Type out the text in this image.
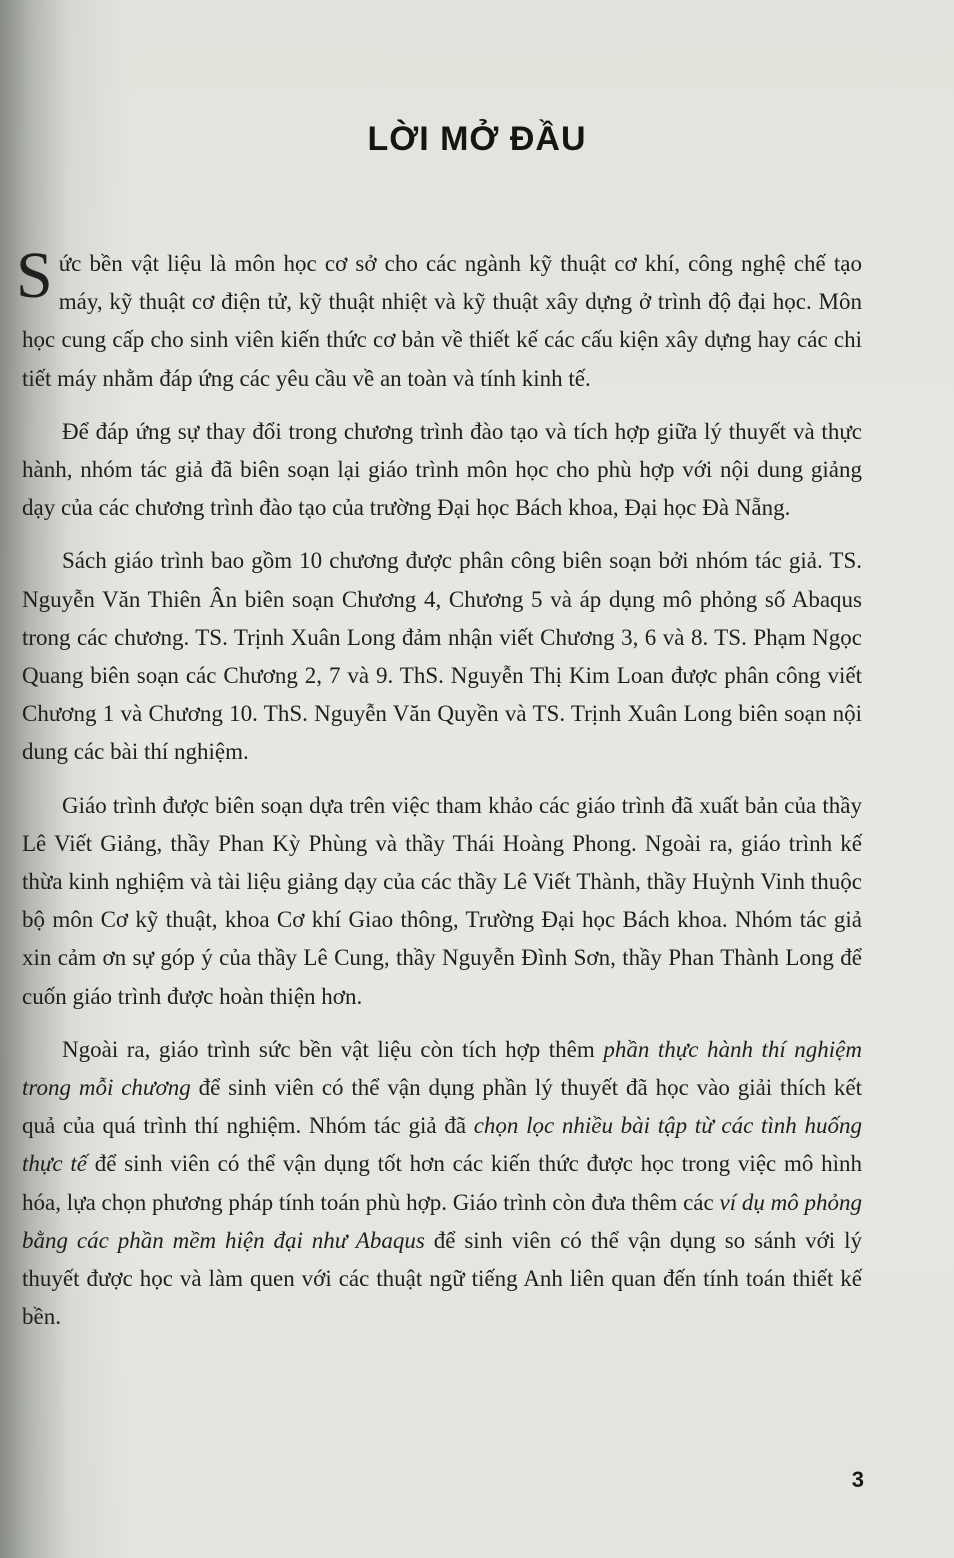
LỜI MỞ ĐẦU

Sức bền vật liệu là môn học cơ sở cho các ngành kỹ thuật cơ khí, công nghệ chế tạo máy, kỹ thuật cơ điện tử, kỹ thuật nhiệt và kỹ thuật xây dựng ở trình độ đại học. Môn học cung cấp cho sinh viên kiến thức cơ bản về thiết kế các cấu kiện xây dựng hay các chi tiết máy nhằm đáp ứng các yêu cầu về an toàn và tính kinh tế.

Để đáp ứng sự thay đổi trong chương trình đào tạo và tích hợp giữa lý thuyết và thực hành, nhóm tác giả đã biên soạn lại giáo trình môn học cho phù hợp với nội dung giảng dạy của các chương trình đào tạo của trường Đại học Bách khoa, Đại học Đà Nẵng.

Sách giáo trình bao gồm 10 chương được phân công biên soạn bởi nhóm tác giả. TS. Nguyễn Văn Thiên Ân biên soạn Chương 4, Chương 5 và áp dụng mô phỏng số Abaqus trong các chương. TS. Trịnh Xuân Long đảm nhận viết Chương 3, 6 và 8. TS. Phạm Ngọc Quang biên soạn các Chương 2, 7 và 9. ThS. Nguyễn Thị Kim Loan được phân công viết Chương 1 và Chương 10. ThS. Nguyễn Văn Quyền và TS. Trịnh Xuân Long biên soạn nội dung các bài thí nghiệm.

Giáo trình được biên soạn dựa trên việc tham khảo các giáo trình đã xuất bản của thầy Lê Viết Giảng, thầy Phan Kỳ Phùng và thầy Thái Hoàng Phong. Ngoài ra, giáo trình kế thừa kinh nghiệm và tài liệu giảng dạy của các thầy Lê Viết Thành, thầy Huỳnh Vinh thuộc bộ môn Cơ kỹ thuật, khoa Cơ khí Giao thông, Trường Đại học Bách khoa. Nhóm tác giả xin cảm ơn sự góp ý của thầy Lê Cung, thầy Nguyễn Đình Sơn, thầy Phan Thành Long để cuốn giáo trình được hoàn thiện hơn.

Ngoài ra, giáo trình sức bền vật liệu còn tích hợp thêm phần thực hành thí nghiệm trong mỗi chương để sinh viên có thể vận dụng phần lý thuyết đã học vào giải thích kết quả của quá trình thí nghiệm. Nhóm tác giả đã chọn lọc nhiều bài tập từ các tình huống thực tế để sinh viên có thể vận dụng tốt hơn các kiến thức được học trong việc mô hình hóa, lựa chọn phương pháp tính toán phù hợp. Giáo trình còn đưa thêm các ví dụ mô phỏng bằng các phần mềm hiện đại như Abaqus để sinh viên có thể vận dụng so sánh với lý thuyết được học và làm quen với các thuật ngữ tiếng Anh liên quan đến tính toán thiết kế bền.

3
